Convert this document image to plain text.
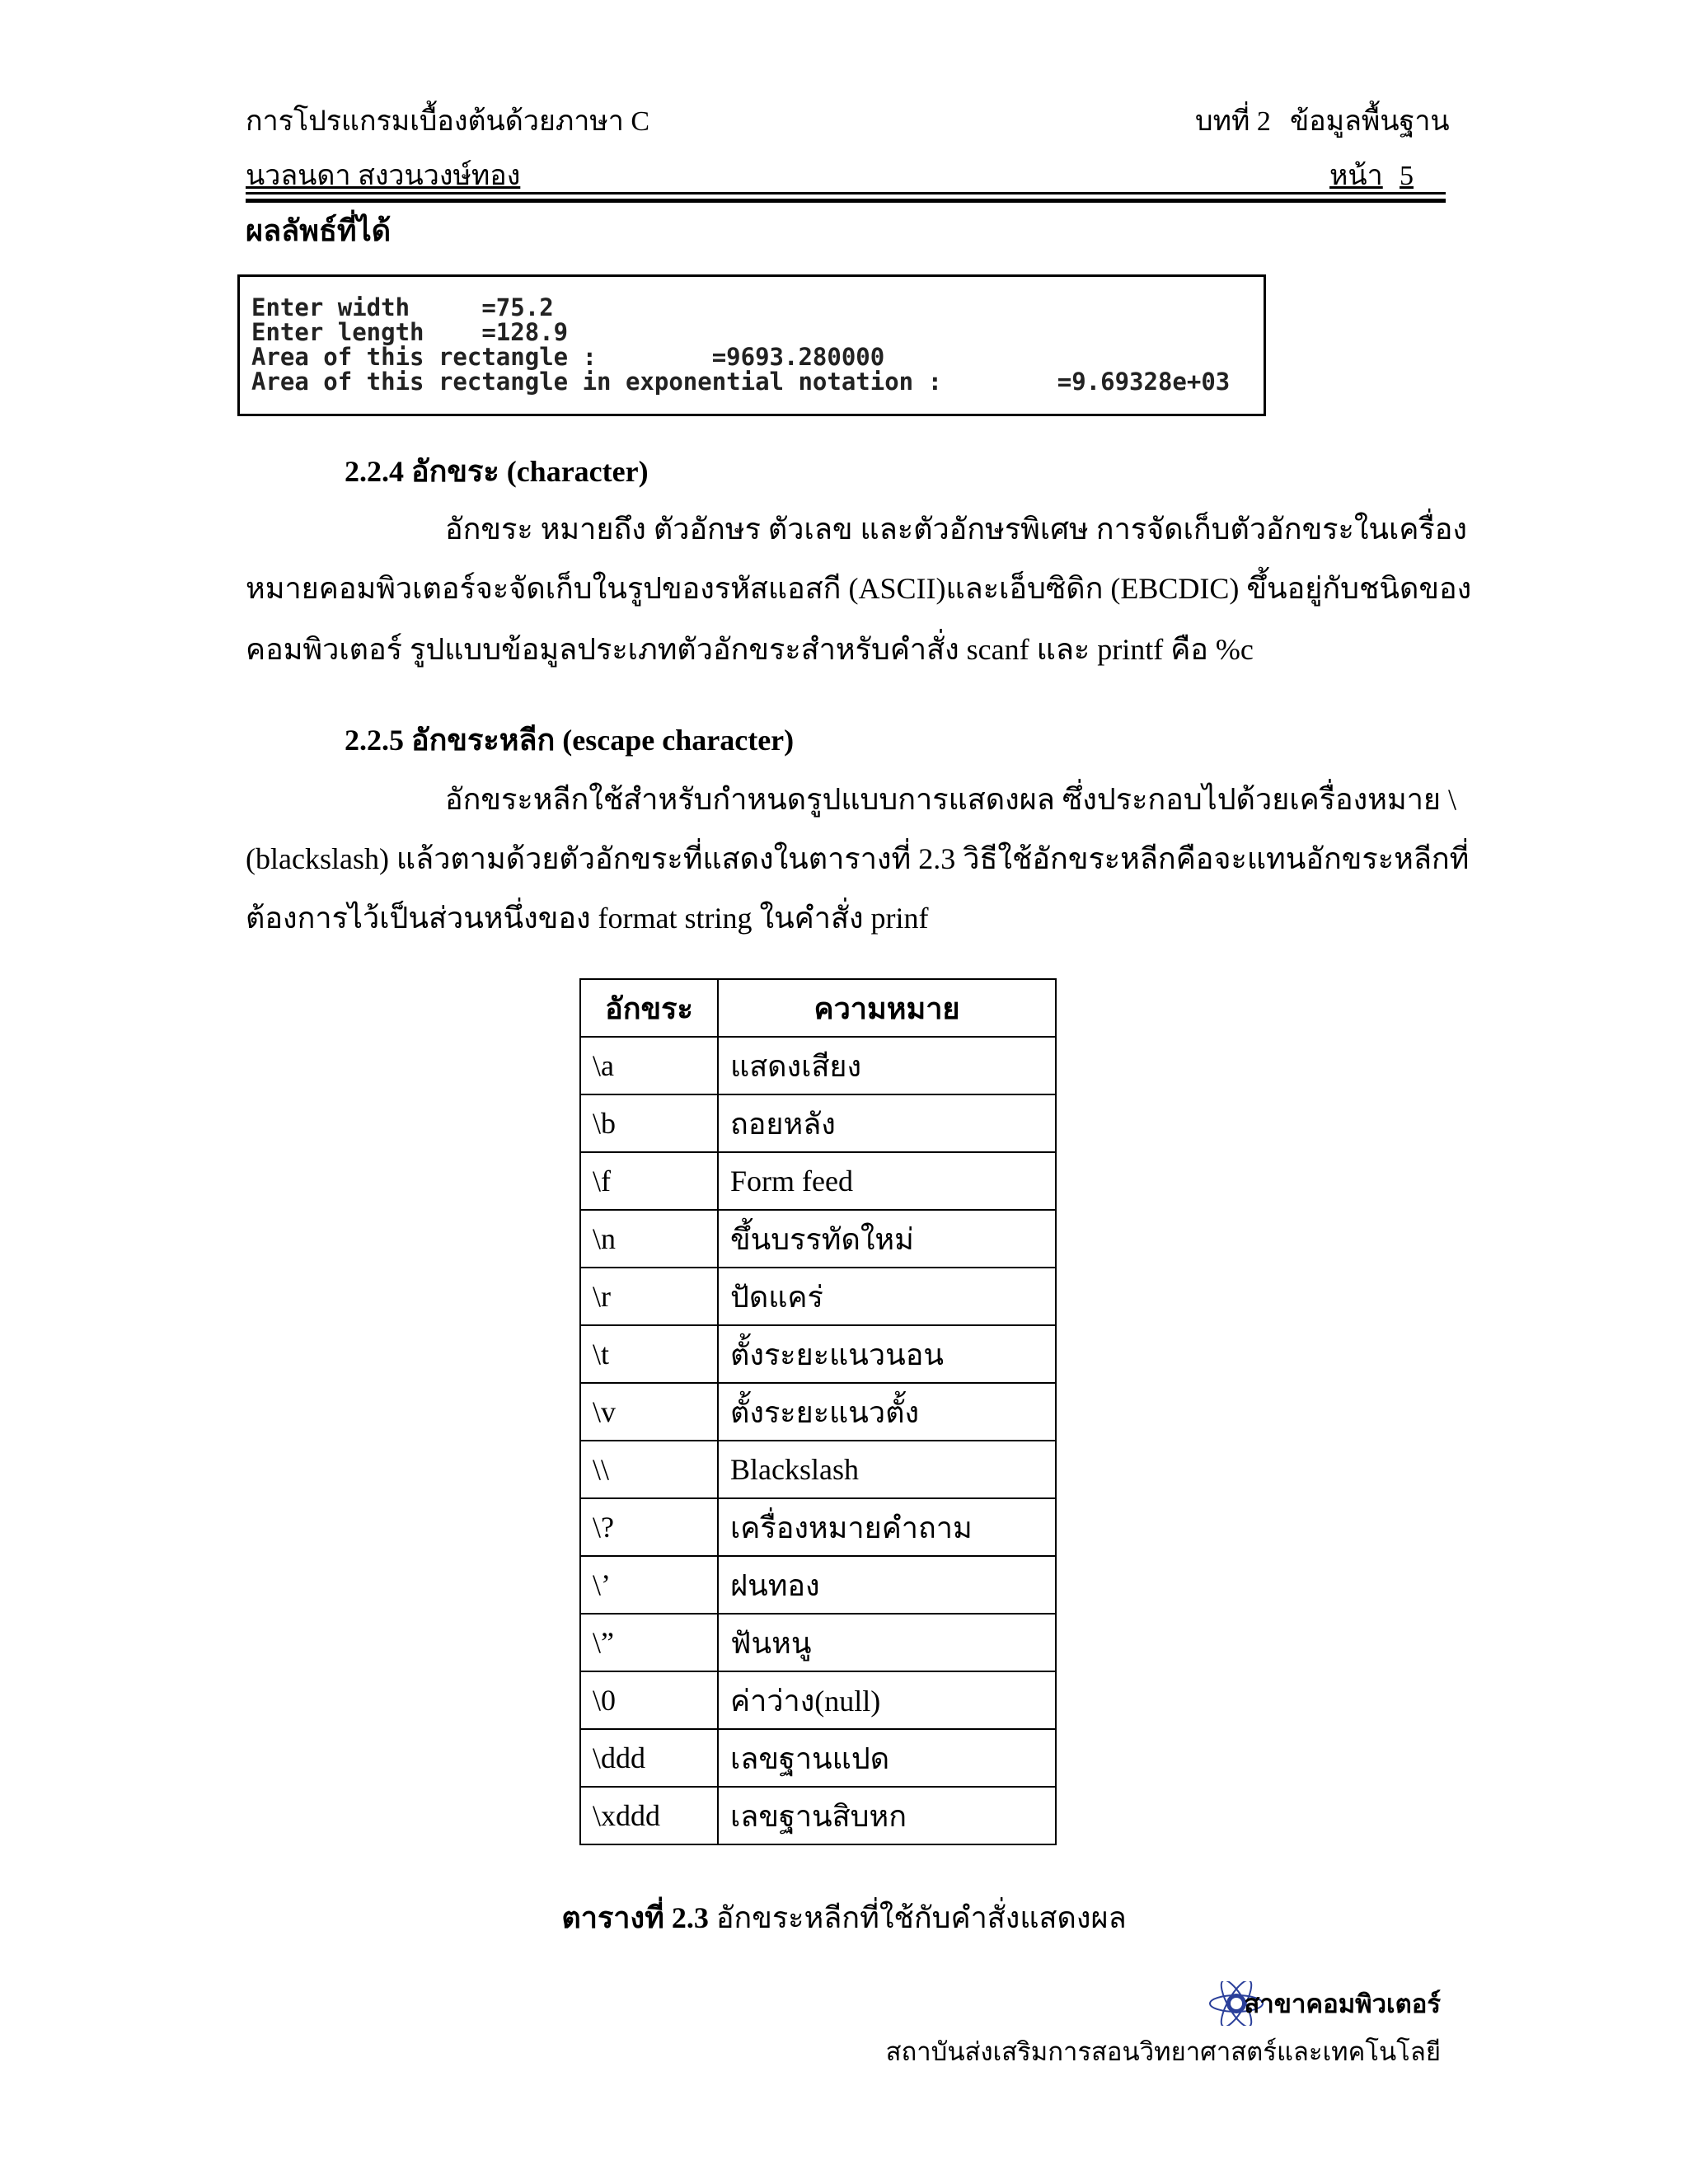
การโปรแกรมเบื้องต้นด้วยภาษา C	บทที่ 2 ข้อมูลพื้นฐาน
นวลนดา สงวนวงษ์ทอง	หน้า 5
ผลลัพธ์ที่ได้
Enter width     =75.2
Enter length    =128.9
Area of this rectangle :        =9693.280000
Area of this rectangle in exponential notation :        =9.69328e+03
2.2.4 อักขระ (character)
อักขระ หมายถึง ตัวอักษร ตัวเลข และตัวอักษรพิเศษ การจัดเก็บตัวอักขระในเครื่อง
หมายคอมพิวเตอร์จะจัดเก็บในรูปของรหัสแอสกี (ASCII)และเอ็บซิดิก (EBCDIC) ขึ้นอยู่กับชนิดของ
คอมพิวเตอร์ รูปแบบข้อมูลประเภทตัวอักขระสำหรับคำสั่ง scanf และ printf คือ %c
2.2.5 อักขระหลีก (escape character)
อักขระหลีกใช้สำหรับกำหนดรูปแบบการแสดงผล ซึ่งประกอบไปด้วยเครื่องหมาย \
(blackslash) แล้วตามด้วยตัวอักขระที่แสดงในตารางที่ 2.3 วิธีใช้อักขระหลีกคือจะแทนอักขระหลีกที่
ต้องการไว้เป็นส่วนหนึ่งของ format string ในคำสั่ง prinf
อักขระ	ความหมาย
\a	แสดงเสียง
\b	ถอยหลัง
\f	Form feed
\n	ขึ้นบรรทัดใหม่
\r	ปัดแคร่
\t	ตั้งระยะแนวนอน
\v	ตั้งระยะแนวตั้ง
\\	Blackslash
\?	เครื่องหมายคำถาม
\’	ฝนทอง
\”	ฟันหนู
\0	ค่าว่าง(null)
\ddd	เลขฐานแปด
\xddd	เลขฐานสิบหก
ตารางที่ 2.3 อักขระหลีกที่ใช้กับคำสั่งแสดงผล
สาขาคอมพิวเตอร์
สถาบันส่งเสริมการสอนวิทยาศาสตร์และเทคโนโลยี
